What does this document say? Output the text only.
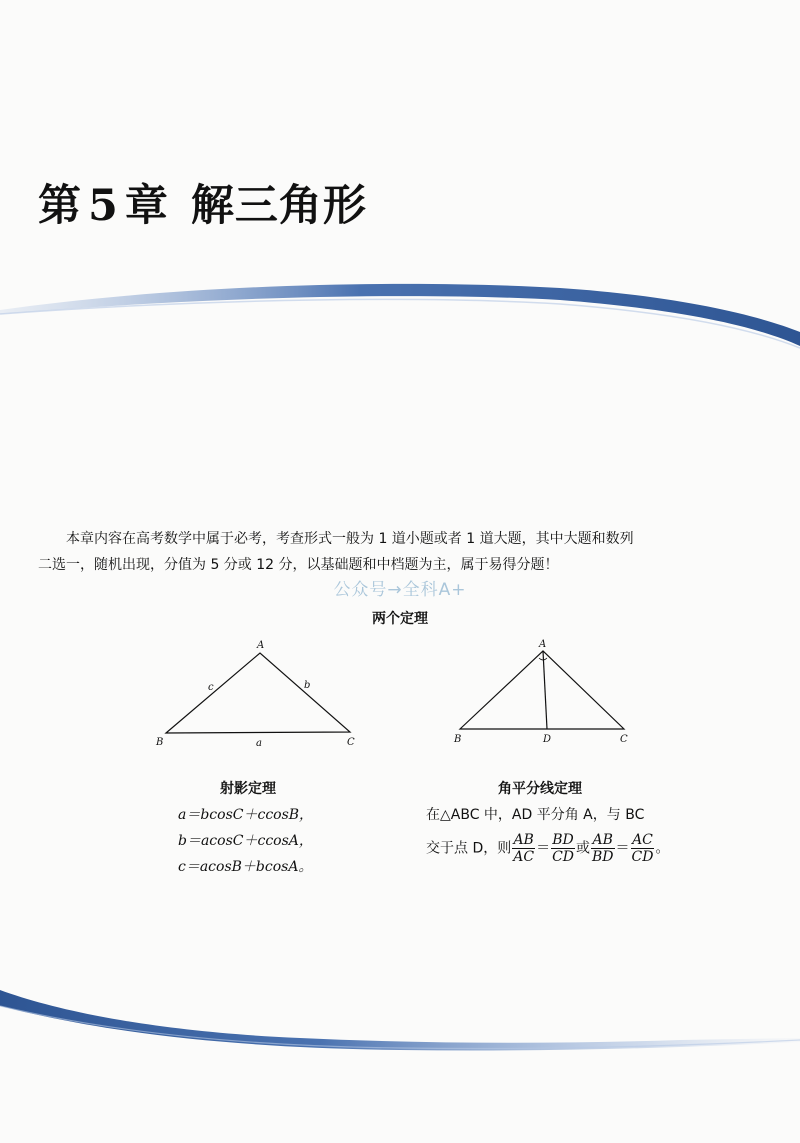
第 5 章 解三角形

本章内容在高考数学中属于必考，考查形式一般为 1 道小题或者 1 道大题，其中大题和数列

二选一，随机出现，分值为 5 分或 12 分，以基础题和中档题为主，属于易得分题！
公众号→全科A+
两个定理
A
B	C
a
b
c
A
B	C
D
射影定理
a＝bcosC＋ccosB，
b＝acosC＋ccosA，
c＝acosB＋bcosA。
角平分线定理
在△ABC 中，AD 平分角 A，与 BC
交于点 D，则 $\frac{AB}{AC} = \frac{BD}{CD}$ 或 $\frac{AB}{BD} = \frac{AC}{CD}$ 。
